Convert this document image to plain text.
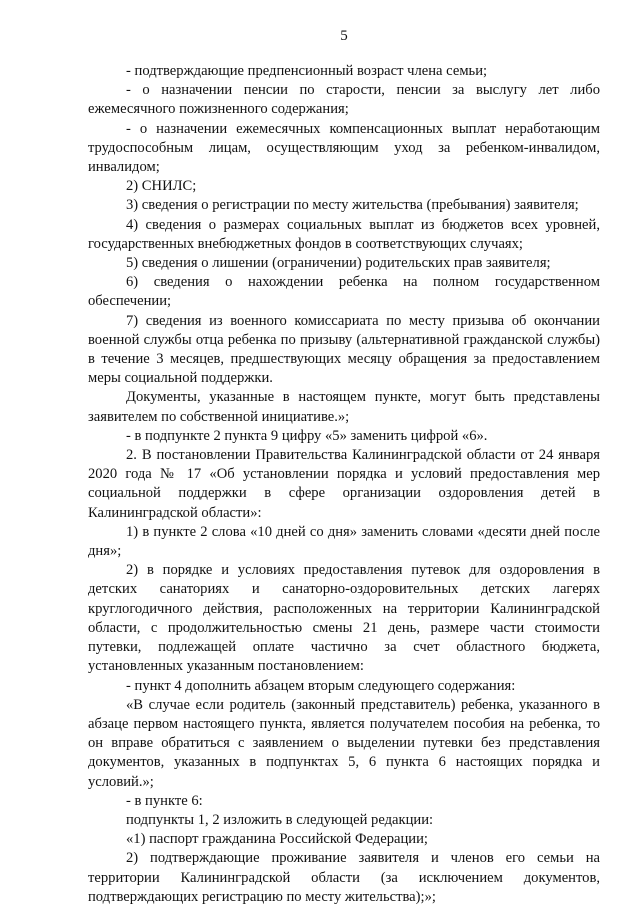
5

- подтверждающие предпенсионный возраст члена семьи;

- о назначении пенсии по старости, пенсии за выслугу лет либо ежемесячного пожизненного содержания;

- о назначении ежемесячных компенсационных выплат неработающим трудоспособным лицам, осуществляющим уход за ребенком-инвалидом, инвалидом;

2) СНИЛС;

3) сведения о регистрации по месту жительства (пребывания) заявителя;

4) сведения о размерах социальных выплат из бюджетов всех уровней, государственных внебюджетных фондов в соответствующих случаях;

5) сведения о лишении (ограничении) родительских прав заявителя;

6) сведения о нахождении ребенка на полном государственном обеспечении;

7) сведения из военного комиссариата по месту призыва об окончании военной службы отца ребенка по призыву (альтернативной гражданской службы) в течение 3 месяцев, предшествующих месяцу обращения за предоставлением меры социальной поддержки.

Документы, указанные в настоящем пункте, могут быть представлены заявителем по собственной инициативе.»;

- в подпункте 2 пункта 9 цифру «5» заменить цифрой «6».

2. В постановлении Правительства Калининградской области от 24 января 2020 года № 17 «Об установлении порядка и условий предоставления мер социальной поддержки в сфере организации оздоровления детей в Калининградской области»:

1) в пункте 2 слова «10 дней со дня» заменить словами «десяти дней после дня»;

2) в порядке и условиях предоставления путевок для оздоровления в детских санаториях и санаторно-оздоровительных детских лагерях круглогодичного действия, расположенных на территории Калининградской области, с продолжительностью смены 21 день, размере части стоимости путевки, подлежащей оплате частично за счет областного бюджета, установленных указанным постановлением:

- пункт 4 дополнить абзацем вторым следующего содержания:

«В случае если родитель (законный представитель) ребенка, указанного в абзаце первом настоящего пункта, является получателем пособия на ребенка, то он вправе обратиться с заявлением о выделении путевки без представления документов, указанных в подпунктах 5, 6 пункта 6 настоящих порядка и условий.»;

- в пункте 6:

подпункты 1, 2 изложить в следующей редакции:

«1) паспорт гражданина Российской Федерации;

2) подтверждающие проживание заявителя и членов его семьи на территории Калининградской области (за исключением документов, подтверждающих регистрацию по месту жительства);»;
